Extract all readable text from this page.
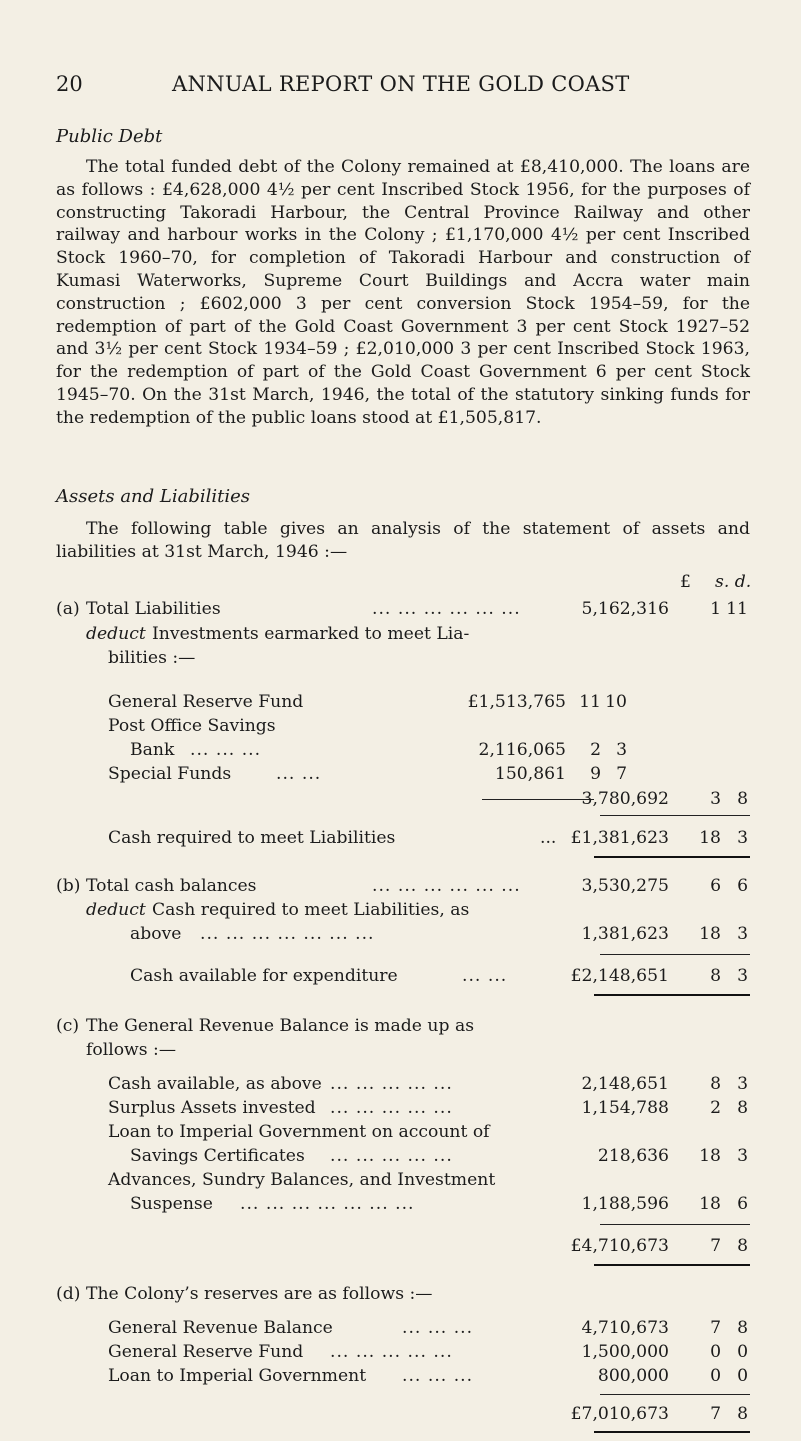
20	ANNUAL REPORT ON THE GOLD COAST
Public Debt

The total funded debt of the Colony remained at £8,410,000. The loans are as follows : £4,628,000 4½ per cent Inscribed Stock 1956, for the purposes of constructing Takoradi Harbour, the Central Province Railway and other railway and harbour works in the Colony ; £1,170,000 4½ per cent Inscribed Stock 1960–70, for completion of Takoradi Harbour and construction of Kumasi Waterworks, Supreme Court Buildings and Accra water main construction ; £602,000 3 per cent conversion Stock 1954–59, for the redemption of part of the Gold Coast Government 3 per cent Stock 1927–52 and 3½ per cent Stock 1934–59 ; £2,010,000 3 per cent Inscribed Stock 1963, for the redemption of part of the Gold Coast Government 6 per cent Stock 1945–70. On the 31st March, 1946, the total of the statutory sinking funds for the redemption of the public loans stood at £1,505,817.

Assets and Liabilities

The following table gives an analysis of the statement of assets and liabilities at 31st March, 1946 :—

£ s. d.
(a) Total Liabilities	... ... ... ... ... ...	5,162,316 1 11
deduct Investments earmarked to meet Lia-
bilities :—
General Reserve Fund	£1,513,765 11 10
Post Office Savings
Bank ... ... ...	2,116,065 2 3
Special Funds	... ...	150,861 9 7
3,780,692 3 8
Cash required to meet Liabilities	... £1,381,623 18 3
(b) Total cash balances	... ... ... ... ... ...	3,530,275 6 6
deduct Cash required to meet Liabilities, as
above ... ... ... ... ... ... ...	1,381,623 18 3
Cash available for expenditure	... ...	£2,148,651 8 3
(c) The General Revenue Balance is made up as
follows :—
Cash available, as above ... ... ... ... ...	2,148,651 8 3
Surplus Assets invested ... ... ... ... ...	1,154,788 2 8
Loan to Imperial Government on account of
Savings Certificates ... ... ... ... ...	218,636 18 3
Advances, Sundry Balances, and Investment
Suspense ... ... ... ... ... ... ...	1,188,596 18 6
£4,710,673 7 8
(d) The Colony’s reserves are as follows :—
General Revenue Balance	... ... ...	4,710,673 7 8
General Reserve Fund ... ... ... ... ...	1,500,000 0 0
Loan to Imperial Government ... ... ...	800,000 0 0
£7,010,673 7 8
